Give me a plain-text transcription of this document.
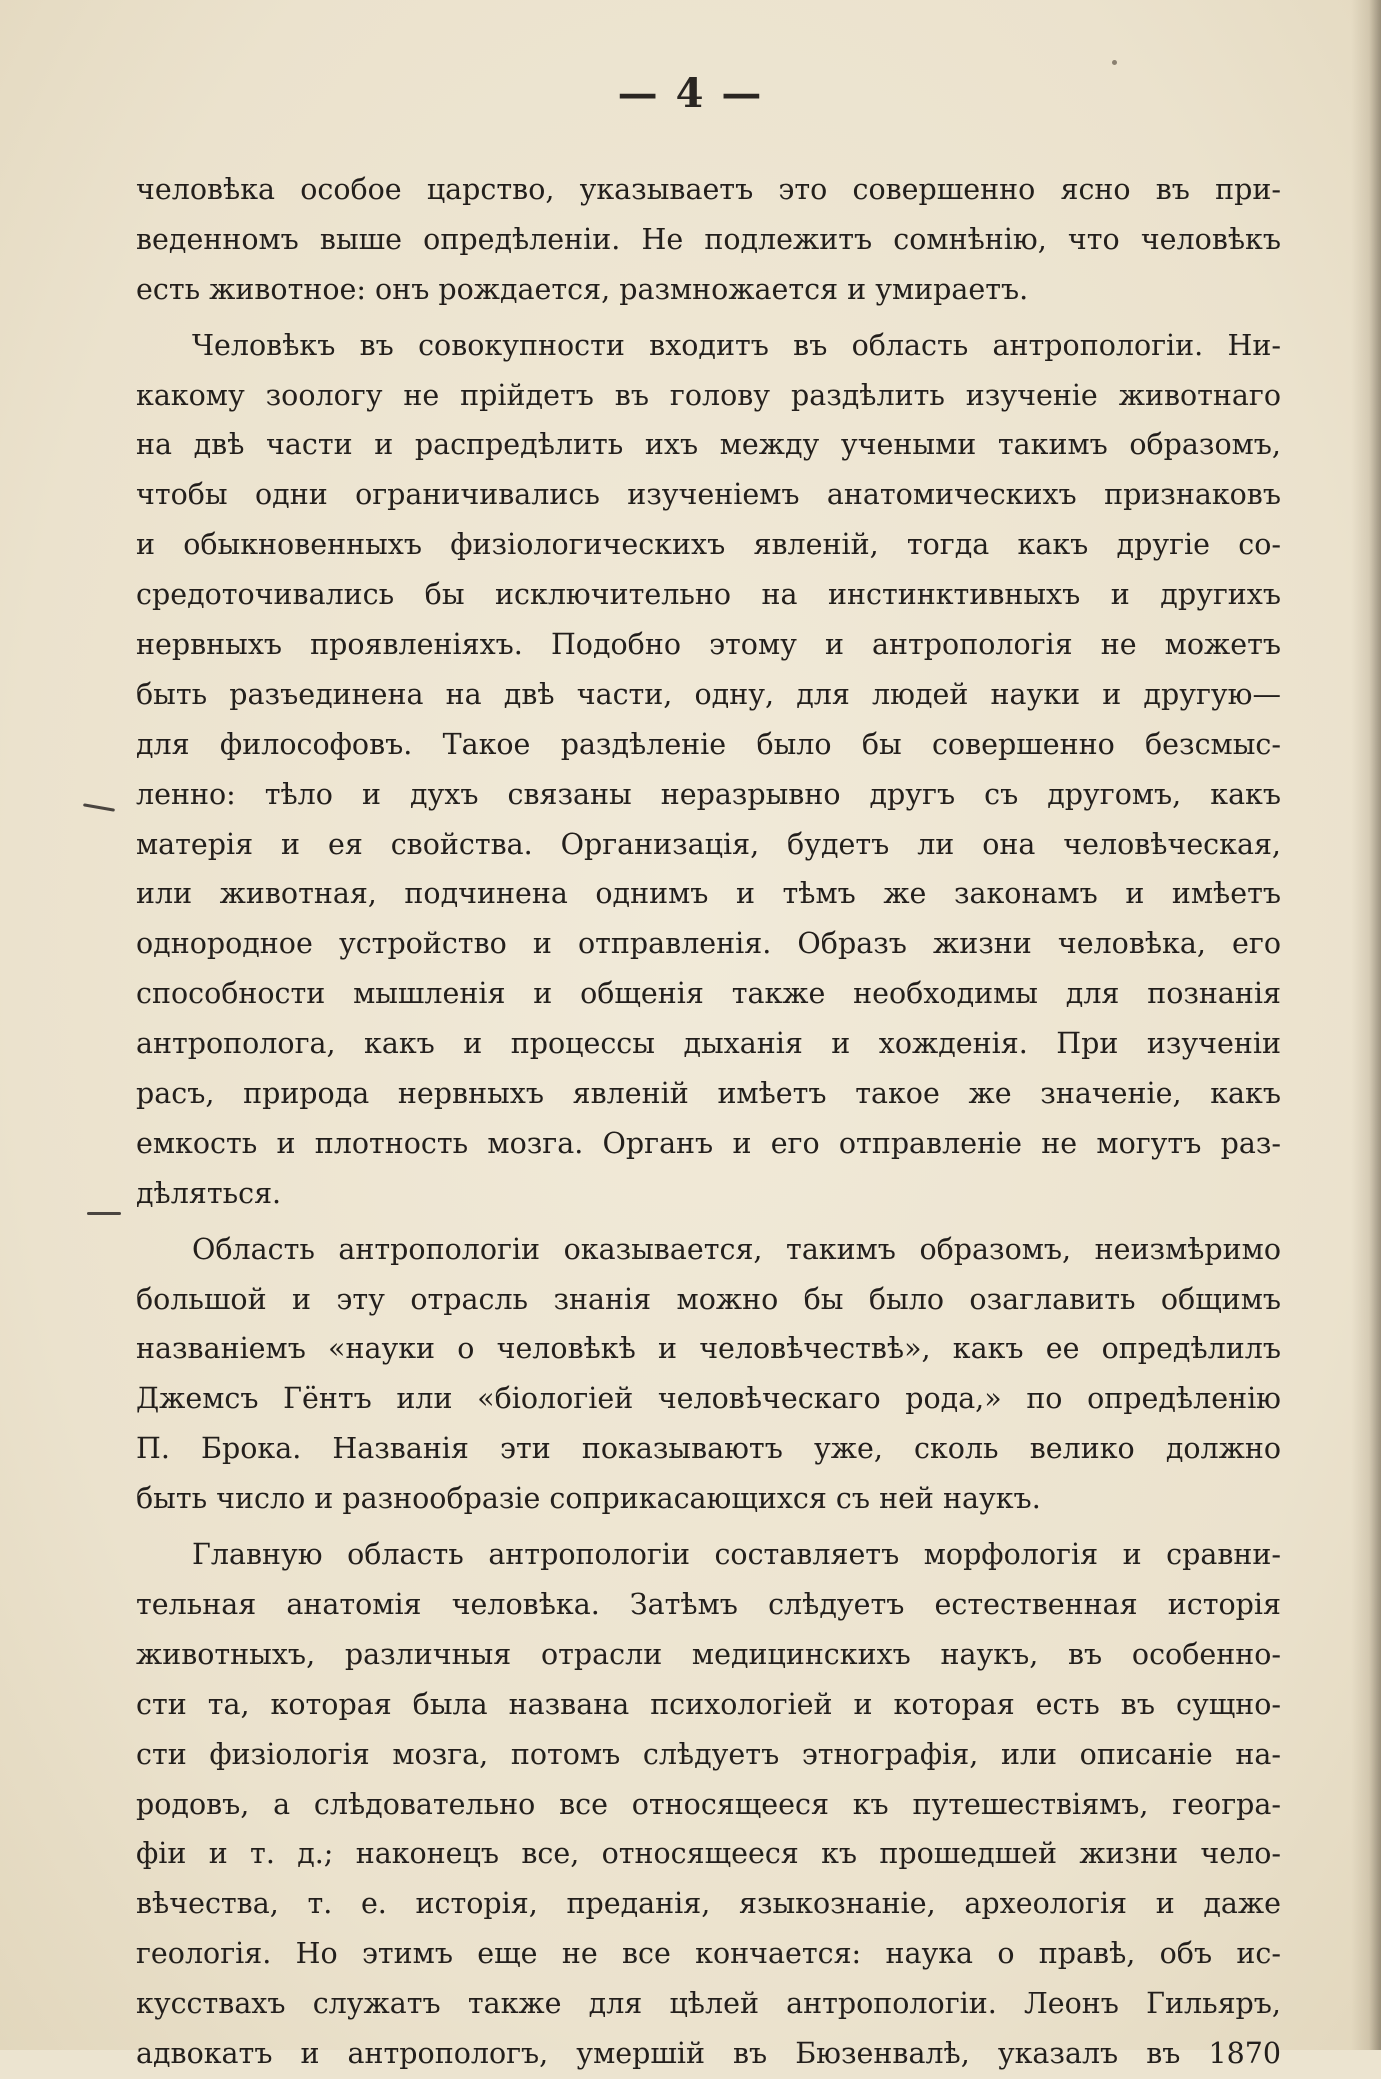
— 4 —
человѣка особое царство, указываетъ это совершенно ясно въ при-
веденномъ выше опредѣленіи. Не подлежитъ сомнѣнію, что человѣкъ
есть животное: онъ рождается, размножается и умираетъ.
Человѣкъ въ совокупности входитъ въ область антропологіи. Ни-
какому зоологу не прійдетъ въ голову раздѣлить изученіе животнаго
на двѣ части и распредѣлить ихъ между учеными такимъ образомъ,
чтобы одни ограничивались изученіемъ анатомическихъ признаковъ
и обыкновенныхъ физіологическихъ явленій, тогда какъ другіе со-
средоточивались бы исключительно на инстинктивныхъ и другихъ
нервныхъ проявленіяхъ. Подобно этому и антропологія не можетъ
быть разъединена на двѣ части, одну, для людей науки и другую—
для философовъ. Такое раздѣленіе было бы совершенно безсмыс-
ленно: тѣло и духъ связаны неразрывно другъ съ другомъ, какъ
матерія и ея свойства. Организація, будетъ ли она человѣческая,
или животная, подчинена однимъ и тѣмъ же законамъ и имѣетъ
однородное устройство и отправленія. Образъ жизни человѣка, его
способности мышленія и общенія также необходимы для познанія
антрополога, какъ и процессы дыханія и хожденія. При изученіи
расъ, природа нервныхъ явленій имѣетъ такое же значеніе, какъ
емкость и плотность мозга. Органъ и его отправленіе не могутъ раз-
дѣляться.
Область антропологіи оказывается, такимъ образомъ, неизмѣримо
большой и эту отрасль знанія можно бы было озаглавить общимъ
названіемъ «науки о человѣкѣ и человѣчествѣ», какъ ее опредѣлилъ
Джемсъ Гёнтъ или «біологіей человѣческаго рода,» по опредѣленію
П. Брока. Названія эти показываютъ уже, сколь велико должно
быть число и разнообразіе соприкасающихся съ ней наукъ.
Главную область антропологіи составляетъ морфологія и сравни-
тельная анатомія человѣка. Затѣмъ слѣдуетъ естественная исторія
животныхъ, различныя отрасли медицинскихъ наукъ, въ особенно-
сти та, которая была названа психологіей и которая есть въ сущно-
сти физіологія мозга, потомъ слѣдуетъ этнографія, или описаніе на-
родовъ, а слѣдовательно все относящееся къ путешествіямъ, геогра-
фіи и т. д.; наконецъ все, относящееся къ прошедшей жизни чело-
вѣчества, т. е. исторія, преданія, языкознаніе, археологія и даже
геологія. Но этимъ еще не все кончается: наука о правѣ, объ ис-
кусствахъ служатъ также для цѣлей антропологіи. Леонъ Гильяръ,
адвокатъ и антропологъ, умершій въ Бюзенвалѣ, указалъ въ 1870
